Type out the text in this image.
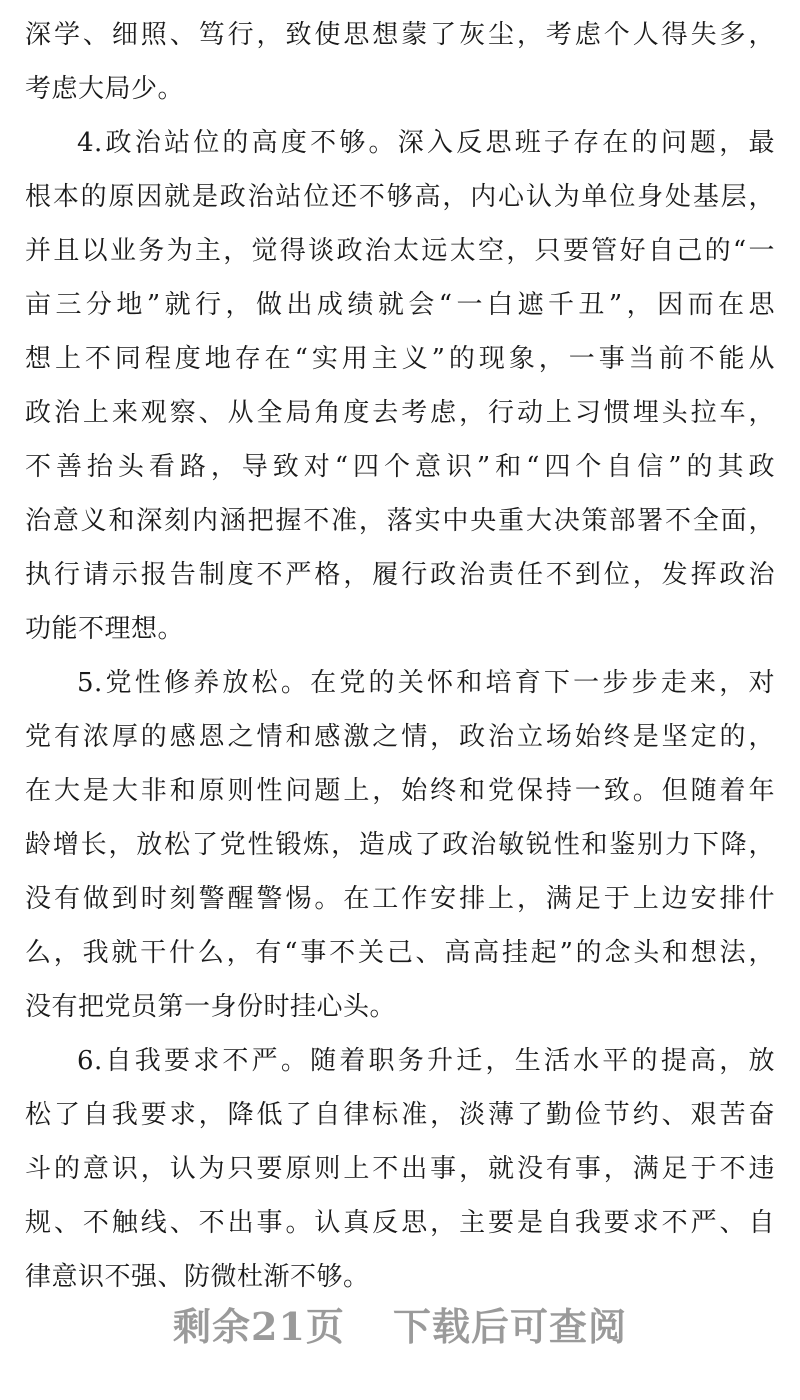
深学、细照、笃行，致使思想蒙了灰尘，考虑个人得失多，
考虑大局少。
4.政治站位的高度不够。深入反思班子存在的问题，最
根本的原因就是政治站位还不够高，内心认为单位身处基层，
并且以业务为主，觉得谈政治太远太空，只要管好自己的“一
亩三分地”就行，做出成绩就会“一白遮千丑”，因而在思
想上不同程度地存在“实用主义”的现象，一事当前不能从
政治上来观察、从全局角度去考虑，行动上习惯埋头拉车，
不善抬头看路，导致对“四个意识”和“四个自信”的其政
治意义和深刻内涵把握不准，落实中央重大决策部署不全面，
执行请示报告制度不严格，履行政治责任不到位，发挥政治
功能不理想。
5.党性修养放松。在党的关怀和培育下一步步走来，对
党有浓厚的感恩之情和感激之情，政治立场始终是坚定的，
在大是大非和原则性问题上，始终和党保持一致。但随着年
龄增长，放松了党性锻炼，造成了政治敏锐性和鉴别力下降，
没有做到时刻警醒警惕。在工作安排上，满足于上边安排什
么，我就干什么，有“事不关己、高高挂起”的念头和想法，
没有把党员第一身份时挂心头。
6.自我要求不严。随着职务升迁，生活水平的提高，放
松了自我要求，降低了自律标准，淡薄了勤俭节约、艰苦奋
斗的意识，认为只要原则上不出事，就没有事，满足于不违
规、不触线、不出事。认真反思，主要是自我要求不严、自
律意识不强、防微杜渐不够。
剩余21页 下载后可查阅
